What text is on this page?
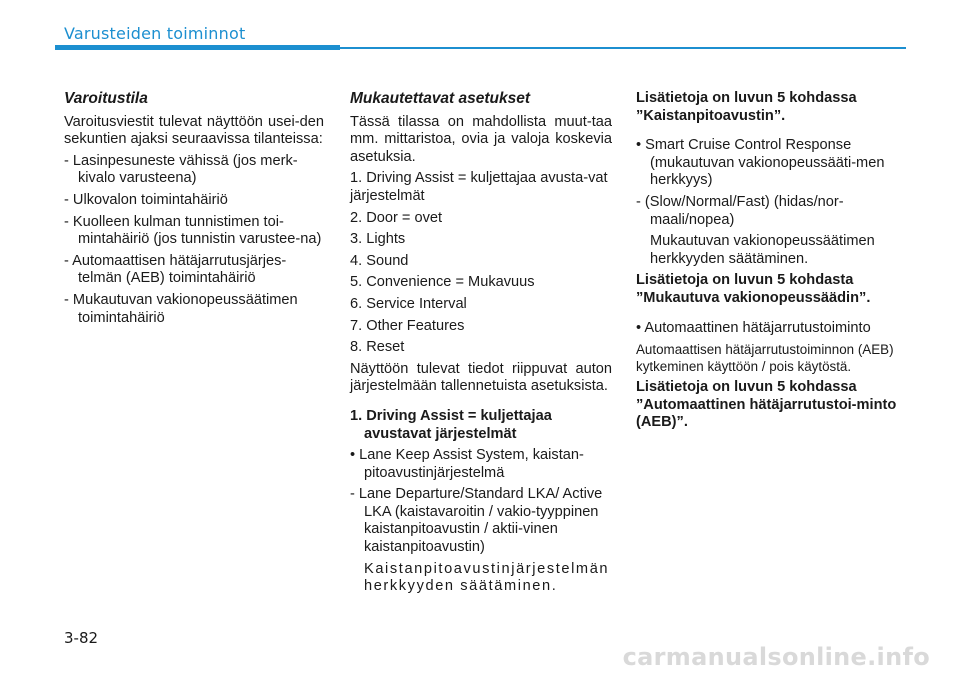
Varusteiden toiminnot

Varoitustila

Varoitusviestit tulevat näyttöön usei-den sekuntien ajaksi seuraavissa tilanteissa:

- Lasinpesuneste vähissä (jos merk-kivalo varusteena)

- Ulkovalon toimintahäiriö

- Kuolleen kulman tunnistimen toi-mintahäiriö (jos tunnistin varustee-na)

- Automaattisen hätäjarrutusjärjes-telmän (AEB) toimintahäiriö

- Mukautuvan vakionopeussäätimen toimintahäiriö

Mukautettavat asetukset

Tässä tilassa on mahdollista muut-taa mm. mittaristoa, ovia ja valoja koskevia asetuksia.

1. Driving Assist = kuljettajaa avusta-vat järjestelmät

2. Door = ovet

3. Lights

4. Sound

5. Convenience = Mukavuus

6. Service Interval

7. Other Features

8. Reset

Näyttöön tulevat tiedot riippuvat auton järjestelmään tallennetuista asetuksista.

1. Driving Assist = kuljettajaa avustavat järjestelmät

• Lane Keep Assist System, kaistan-pitoavustinjärjestelmä

- Lane Departure/Standard LKA/ Active LKA (kaistavaroitin / vakio-tyyppinen kaistanpitoavustin / aktii-vinen kaistanpitoavustin)

Kaistanpitoavustinjärjestelmän herkkyyden säätäminen.

Lisätietoja on luvun 5 kohdassa ”Kaistanpitoavustin”.

• Smart Cruise Control Response (mukautuvan vakionopeussääti-men herkkyys)

- (Slow/Normal/Fast) (hidas/nor-maali/nopea)

Mukautuvan vakionopeussäätimen herkkyyden säätäminen.

Lisätietoja on luvun 5 kohdasta ”Mukautuva vakionopeussäädin”.

• Automaattinen hätäjarrutustoiminto

Automaattisen hätäjarrutustoiminnon (AEB) kytkeminen käyttöön / pois käytöstä.

Lisätietoja on luvun 5 kohdassa ”Automaattinen hätäjarrutustoi-minto (AEB)”.

3-82
carmanualsonline.info
